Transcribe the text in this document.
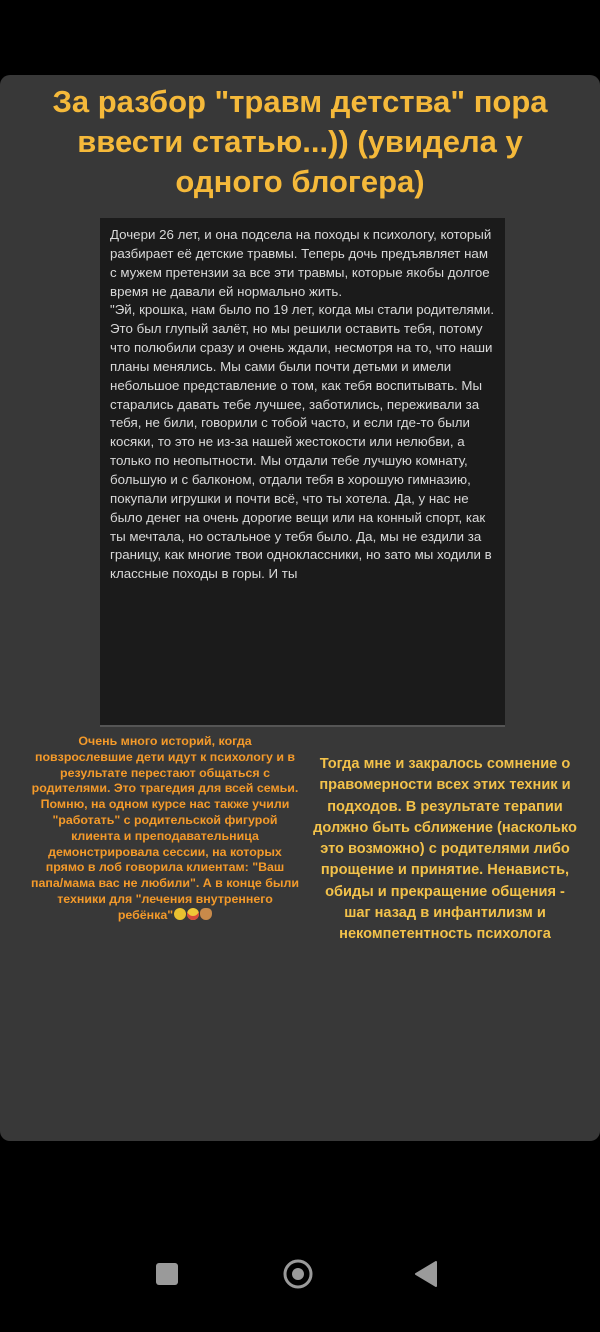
За разбор "травм детства" пора ввести статью...)) (увидела у одного блогера)

Дочери 26 лет, и она подсела на походы к психологу, который разбирает её детские травмы. Теперь дочь предъявляет нам с мужем претензии за все эти травмы, которые якобы долгое время не давали ей нормально жить.
"Эй, крошка, нам было по 19 лет, когда мы стали родителями. Это был глупый залёт, но мы решили оставить тебя, потому что полюбили сразу и очень ждали, несмотря на то, что наши планы менялись. Мы сами были почти детьми и имели небольшое представление о том, как тебя воспитывать. Мы старались давать тебе лучшее, заботились, переживали за тебя, не били, говорили с тобой часто, и если где-то были косяки, то это не из-за нашей жестокости или нелюбви, а только по неопытности. Мы отдали тебе лучшую комнату, большую и с балконом, отдали тебя в хорошую гимназию, покупали игрушки и почти всё, что ты хотела. Да, у нас не было денег на очень дорогие вещи или на конный спорт, как ты мечтала, но остальное у тебя было. Да, мы не ездили за границу, как многие твои одноклассники, но зато мы ходили в классные походы в горы. И ты

Очень много историй, когда повзрослевшие дети идут к психологу и в результате перестают общаться с родителями. Это трагедия для всей семьи. Помню, на одном курсе нас также учили "работать" с родительской фигурой клиента и преподавательница демонстрировала сессии, на которых прямо в лоб говорила клиентам: "Ваш папа/мама вас не любили". А в конце были техники для "лечения внутреннего ребёнка"

Тогда мне и закралось сомнение о правомерности всех этих техник и подходов. В результате терапии должно быть сближение (насколько это возможно) с родителями либо прощение и принятие. Ненависть, обиды и прекращение общения - шаг назад в инфантилизм и некомпетентность психолога
